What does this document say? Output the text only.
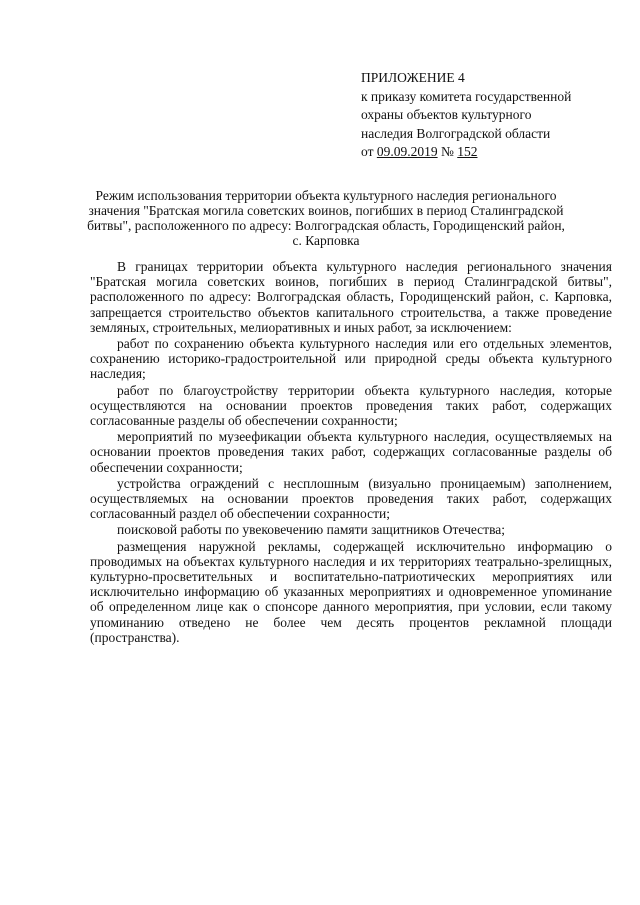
ПРИЛОЖЕНИЕ 4
к приказу комитета государственной
охраны объектов культурного
наследия Волгоградской области
от 09.09.2019 № 152
Режим использования территории объекта культурного наследия регионального значения "Братская могила советских воинов, погибших в период Сталинградской битвы", расположенного по адресу: Волгоградская область, Городищенский район, с. Карповка

В границах территории объекта культурного наследия регионального значения "Братская могила советских воинов, погибших в период Сталинградской битвы", расположенного по адресу: Волгоградская область, Городищенский район, с. Карповка, запрещается строительство объектов капитального строительства, а также проведение земляных, строительных, мелиоративных и иных работ, за исключением:

работ по сохранению объекта культурного наследия или его отдельных элементов, сохранению историко-градостроительной или природной среды объекта культурного наследия;

работ по благоустройству территории объекта культурного наследия, которые осуществляются на основании проектов проведения таких работ, содержащих согласованные разделы об обеспечении сохранности;

мероприятий по музеефикации объекта культурного наследия, осуществляемых на основании проектов проведения таких работ, содержащих согласованные разделы об обеспечении сохранности;

устройства ограждений с несплошным (визуально проницаемым) заполнением, осуществляемых на основании проектов проведения таких работ, содержащих согласованный раздел об обеспечении сохранности;

поисковой работы по увековечению памяти защитников Отечества;

размещения наружной рекламы, содержащей исключительно информацию о проводимых на объектах культурного наследия и их территориях театрально-зрелищных, культурно-просветительных и воспитательно-патриотических мероприятиях или исключительно информацию об указанных мероприятиях и одновременное упоминание об определенном лице как о спонсоре данного мероприятия, при условии, если такому упоминанию отведено не более чем десять процентов рекламной площади (пространства).
